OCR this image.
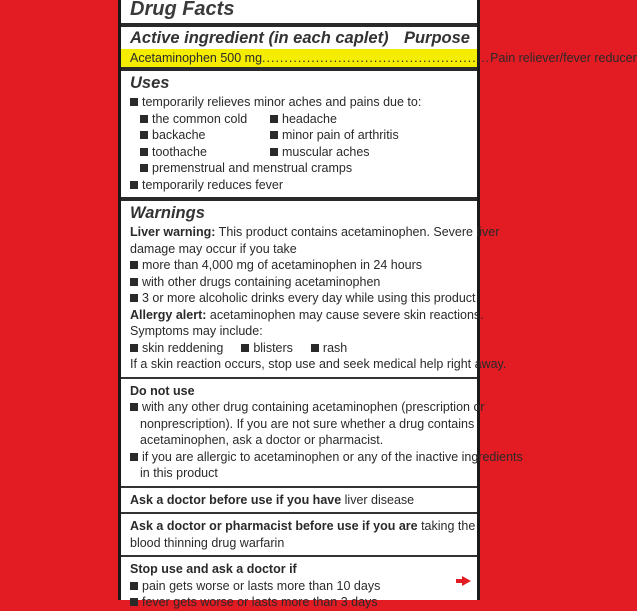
Drug Facts
Active ingredient (in each caplet) Purpose
Acetaminophen 500 mg ................................................... Pain reliever/fever reducer
Uses
temporarily relieves minor aches and pains due to:
the common cold	headache
backache	minor pain of arthritis
toothache	muscular aches
premenstrual and menstrual cramps
temporarily reduces fever
Warnings
Liver warning: This product contains acetaminophen. Severe liver
damage may occur if you take
more than 4,000 mg of acetaminophen in 24 hours
with other drugs containing acetaminophen
3 or more alcoholic drinks every day while using this product
Allergy alert: acetaminophen may cause severe skin reactions.
Symptoms may include:
skin reddening	blisters	rash
If a skin reaction occurs, stop use and seek medical help right away.
Do not use
with any other drug containing acetaminophen (prescription or
nonprescription). If you are not sure whether a drug contains
acetaminophen, ask a doctor or pharmacist.
if you are allergic to acetaminophen or any of the inactive ingredients
in this product
Ask a doctor before use if you have liver disease
Ask a doctor or pharmacist before use if you are taking the
blood thinning drug warfarin
Stop use and ask a doctor if
pain gets worse or lasts more than 10 days
fever gets worse or lasts more than 3 days
